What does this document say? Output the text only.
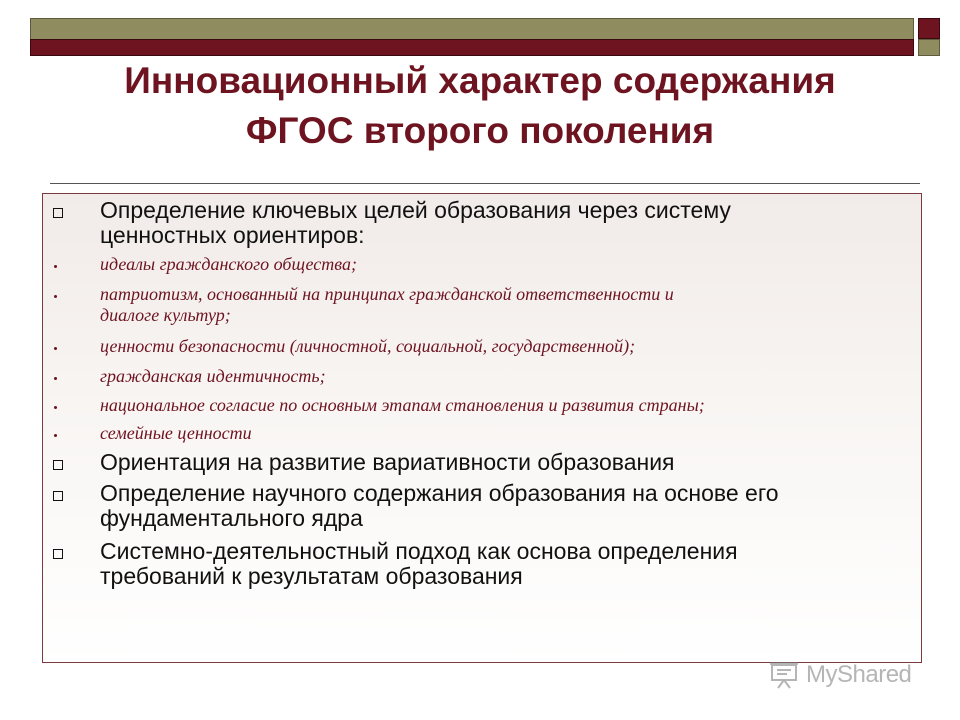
Инновационный характер содержания
ФГОС второго поколения
Определение ключевых целей образования через систему
ценностных ориентиров:
идеалы гражданского общества;
патриотизм, основанный на принципах гражданской ответственности и
диалоге культур;
ценности безопасности (личностной, социальной, государственной);
гражданская идентичность;
национальное согласие по основным этапам становления и развития страны;
семейные ценности
Ориентация на развитие вариативности образования
Определение научного содержания образования на основе его
фундаментального ядра
Системно-деятельностный подход как основа определения
требований к результатам образования
MyShared
